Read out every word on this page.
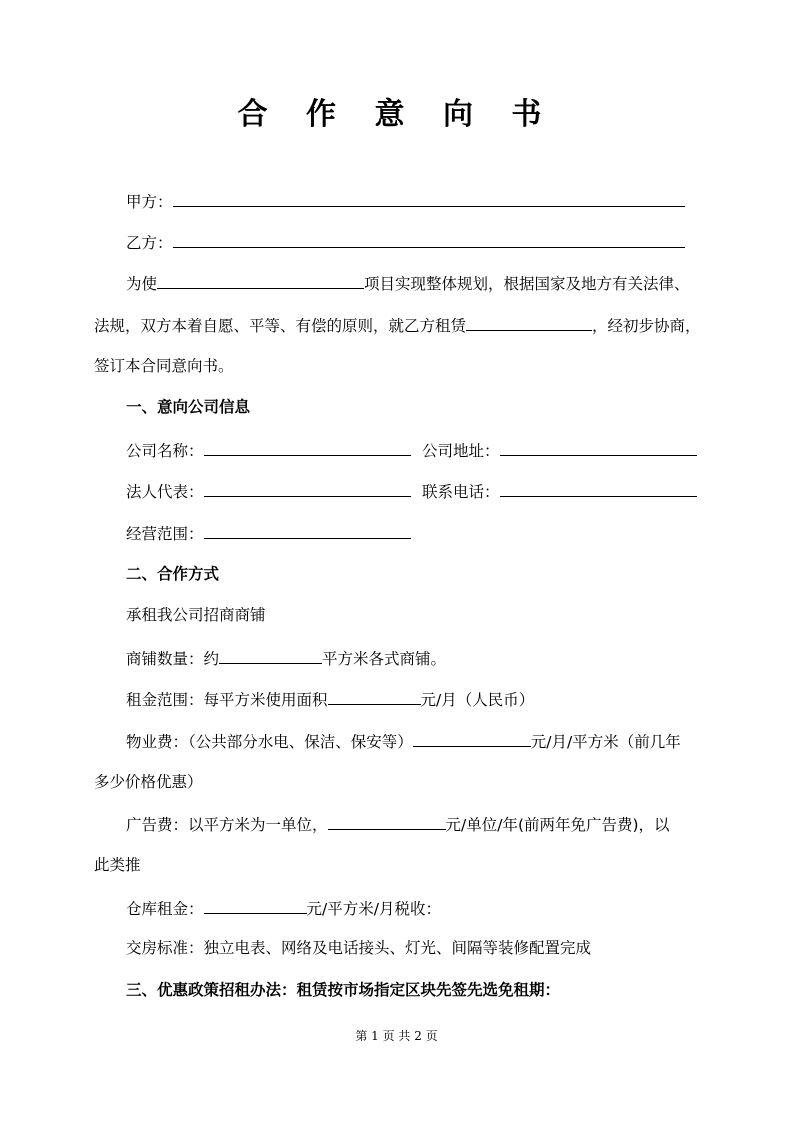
合 作 意 向 书
甲方：
乙方：
为使	项目实现整体规划，根据国家及地方有关法律、
法规，双方本着自愿、平等、有偿的原则，就乙方租赁	，经初步协商，
签订本合同意向书。
一、意向公司信息
公司名称：	公司地址：
法人代表：	联系电话：
经营范围：
二、合作方式
承租我公司招商商铺
商铺数量：约	平方米各式商铺。
租金范围：每平方米使用面积	元/月（人民币）
物业费：（公共部分水电、保洁、保安等）	元/月/平方米（前几年
多少价格优惠）
广告费：以平方米为一单位，	元/单位/年(前两年免广告费)，以
此类推
仓库租金：	元/平方米/月税收：
交房标准：独立电表、网络及电话接头、灯光、间隔等装修配置完成
三、优惠政策招租办法：租赁按市场指定区块先签先选免租期：
第 1 页 共 2 页
